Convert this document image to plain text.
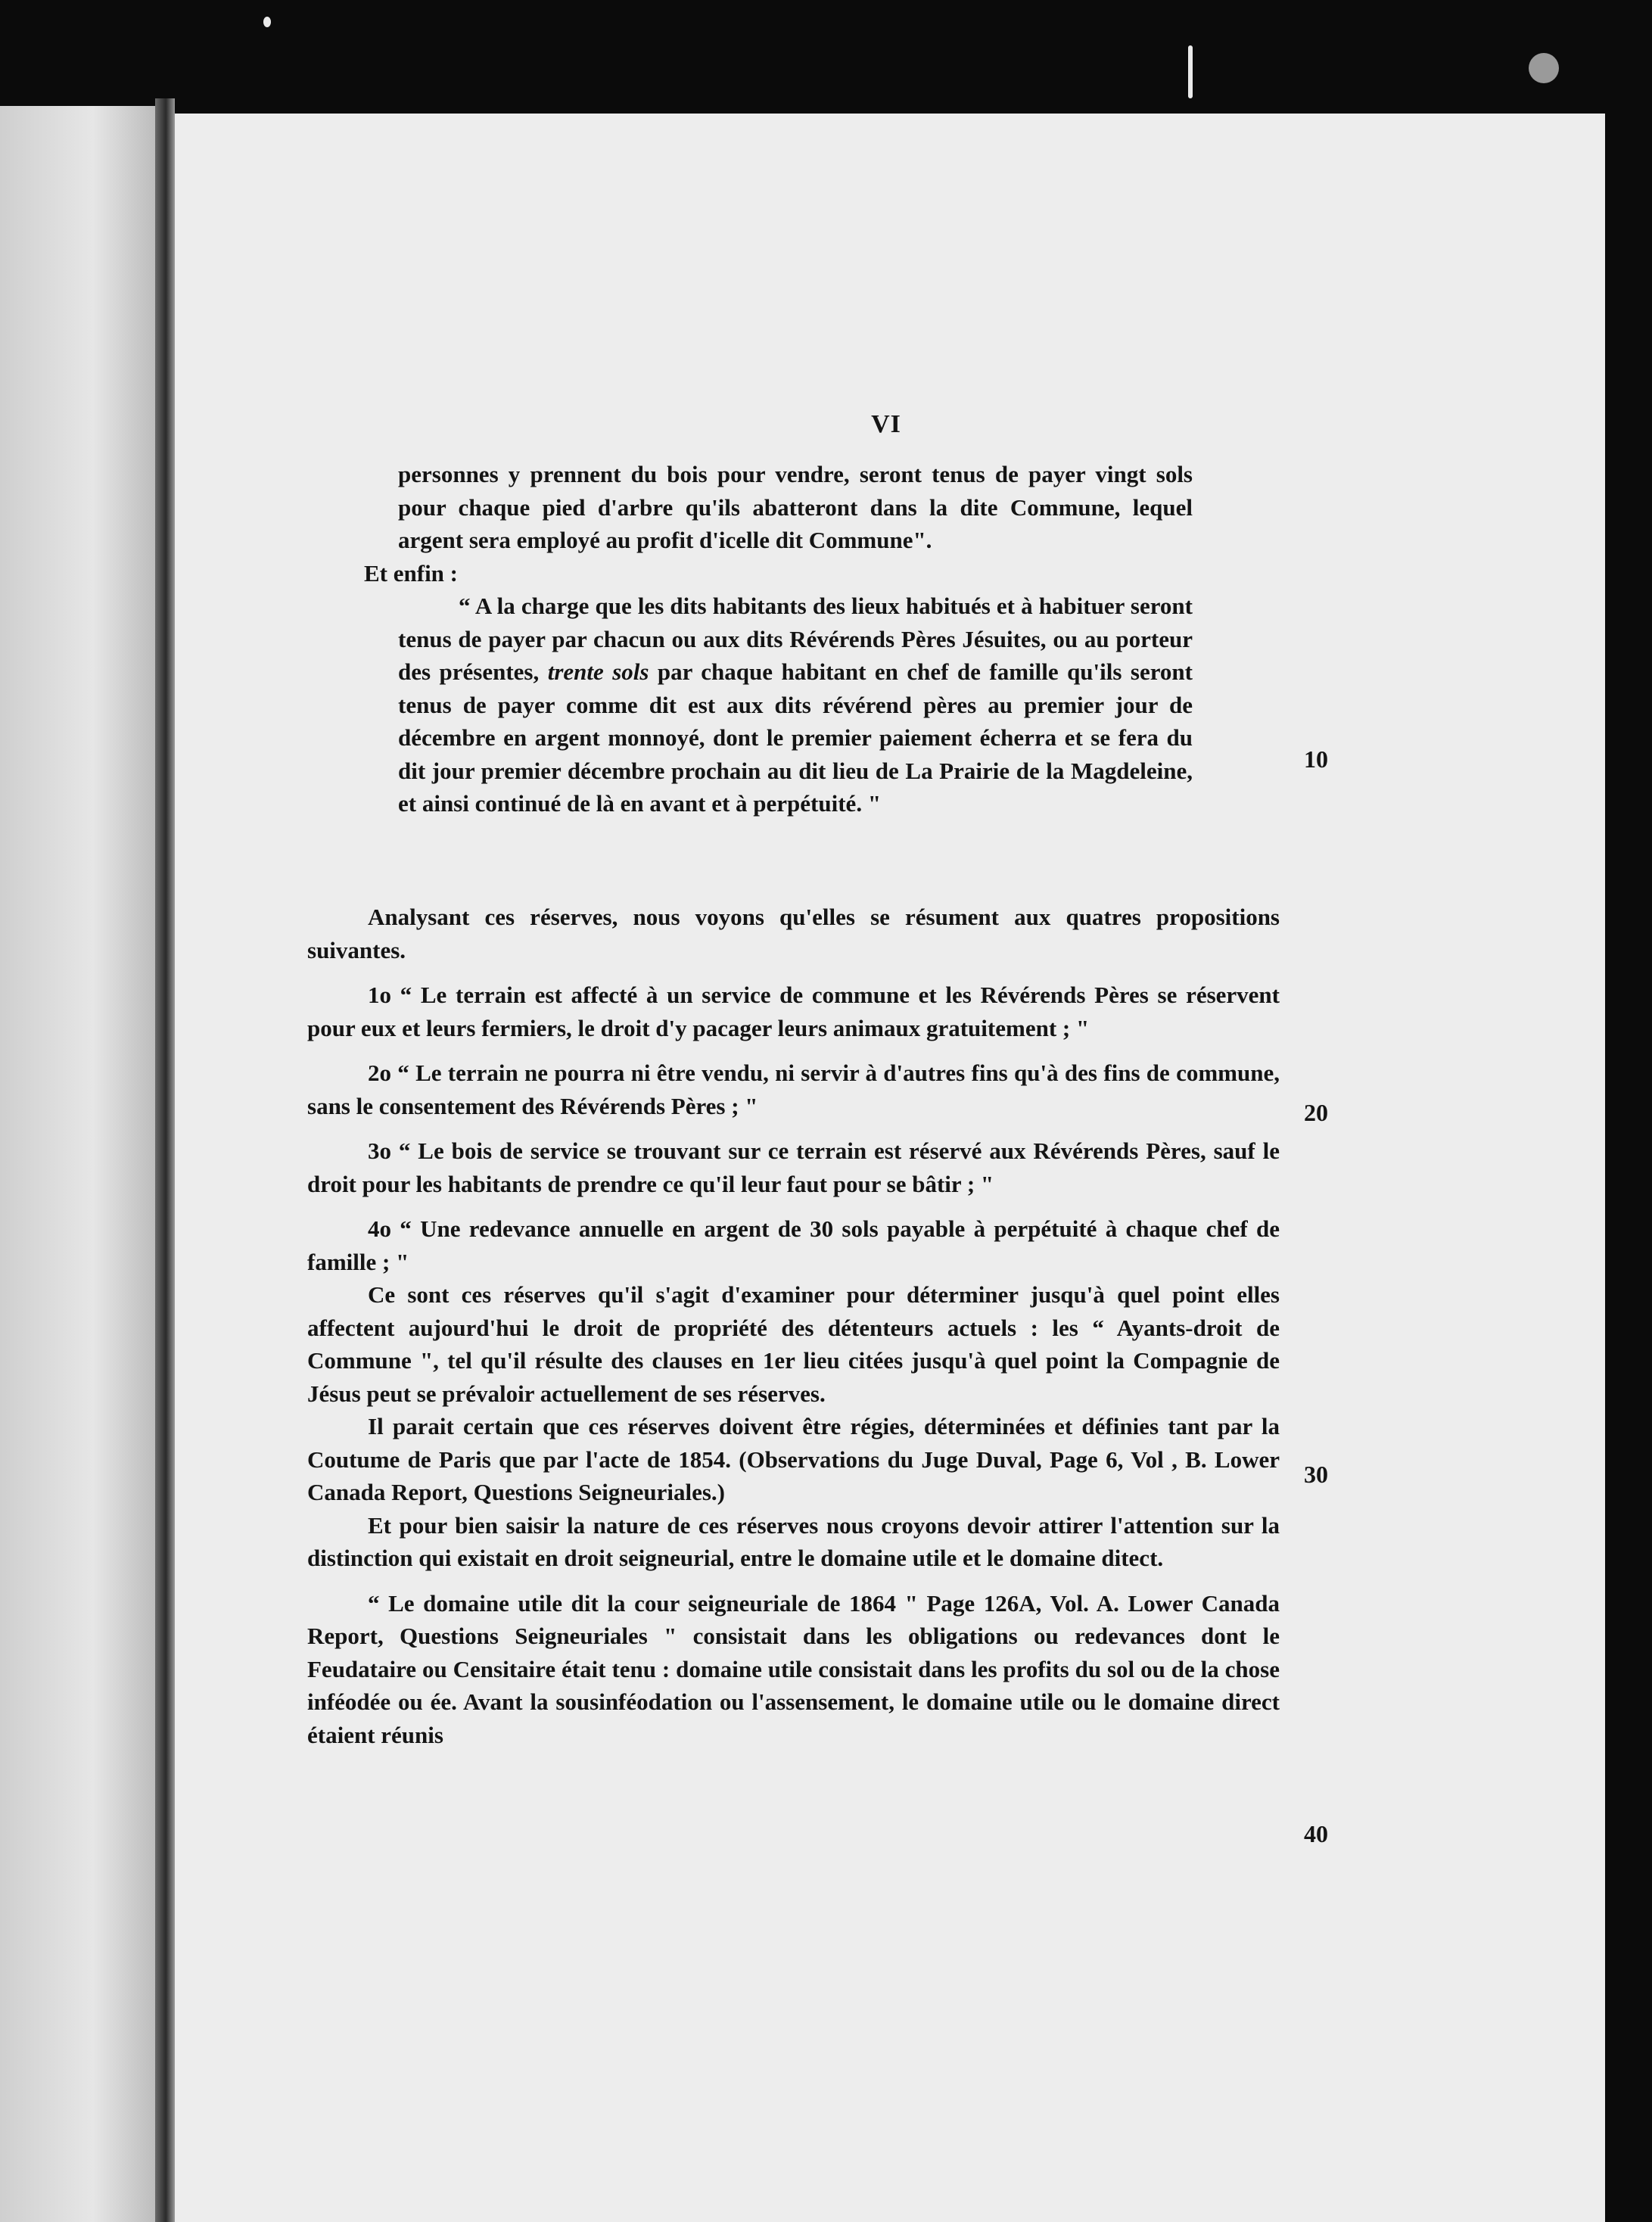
VI

personnes y prennent du bois pour vendre, seront tenus de payer vingt sols pour chaque pied d'arbre qu'ils abatteront dans la dite Commune, lequel argent sera employé au profit d'icelle dit Commune".

Et enfin :

“ A la charge que les dits habitants des lieux habitués et à habituer seront tenus de payer par chacun ou aux dits Révérends Pères Jésuites, ou au porteur des présentes, trente sols par chaque habitant en chef de famille qu'ils seront tenus de payer comme dit est aux dits révérend pères au premier jour de décembre en argent monnoyé, dont le premier paiement écherra et se fera du dit jour premier décembre prochain au dit lieu de La Prairie de la Magdeleine, et ainsi continué de là en avant et à perpétuité. "

Analysant ces réserves, nous voyons qu'elles se résument aux quatres propositions suivantes.

1o “ Le terrain est affecté à un service de commune et les Révérends Pères se réservent pour eux et leurs fermiers, le droit d'y pacager leurs animaux gratuitement ; "

2o “ Le terrain ne pourra ni être vendu, ni servir à d'autres fins qu'à des fins de commune, sans le consentement des Révérends Pères ; "

3o “ Le bois de service se trouvant sur ce terrain est réservé aux Révérends Pères, sauf le droit pour les habitants de prendre ce qu'il leur faut pour se bâtir ; "

4o “ Une redevance annuelle en argent de 30 sols payable à perpétuité à chaque chef de famille ; "

Ce sont ces réserves qu'il s'agit d'examiner pour déterminer jusqu'à quel point elles affectent aujourd'hui le droit de propriété des détenteurs actuels : les “ Ayants-droit de Commune ", tel qu'il résulte des clauses en 1er lieu citées jusqu'à quel point la Compagnie de Jésus peut se prévaloir actuellement de ses réserves.

Il parait certain que ces réserves doivent être régies, déterminées et définies tant par la Coutume de Paris que par l'acte de 1854. (Observations du Juge Duval, Page 6, Vol , B. Lower Canada Report, Questions Seigneuriales.)

Et pour bien saisir la nature de ces réserves nous croyons devoir attirer l'attention sur la distinction qui existait en droit seigneurial, entre le domaine utile et le domaine ditect.

“ Le domaine utile dit la cour seigneuriale de 1864 " Page 126A, Vol. A. Lower Canada Report, Questions Seigneuriales " consistait dans les obligations ou redevances dont le Feudataire ou Censitaire était tenu : domaine utile consistait dans les profits du sol ou de la chose inféodée ou ée. Avant la sousinféodation ou l'assensement, le domaine utile ou le domaine direct étaient réunis

10
20
30
40
